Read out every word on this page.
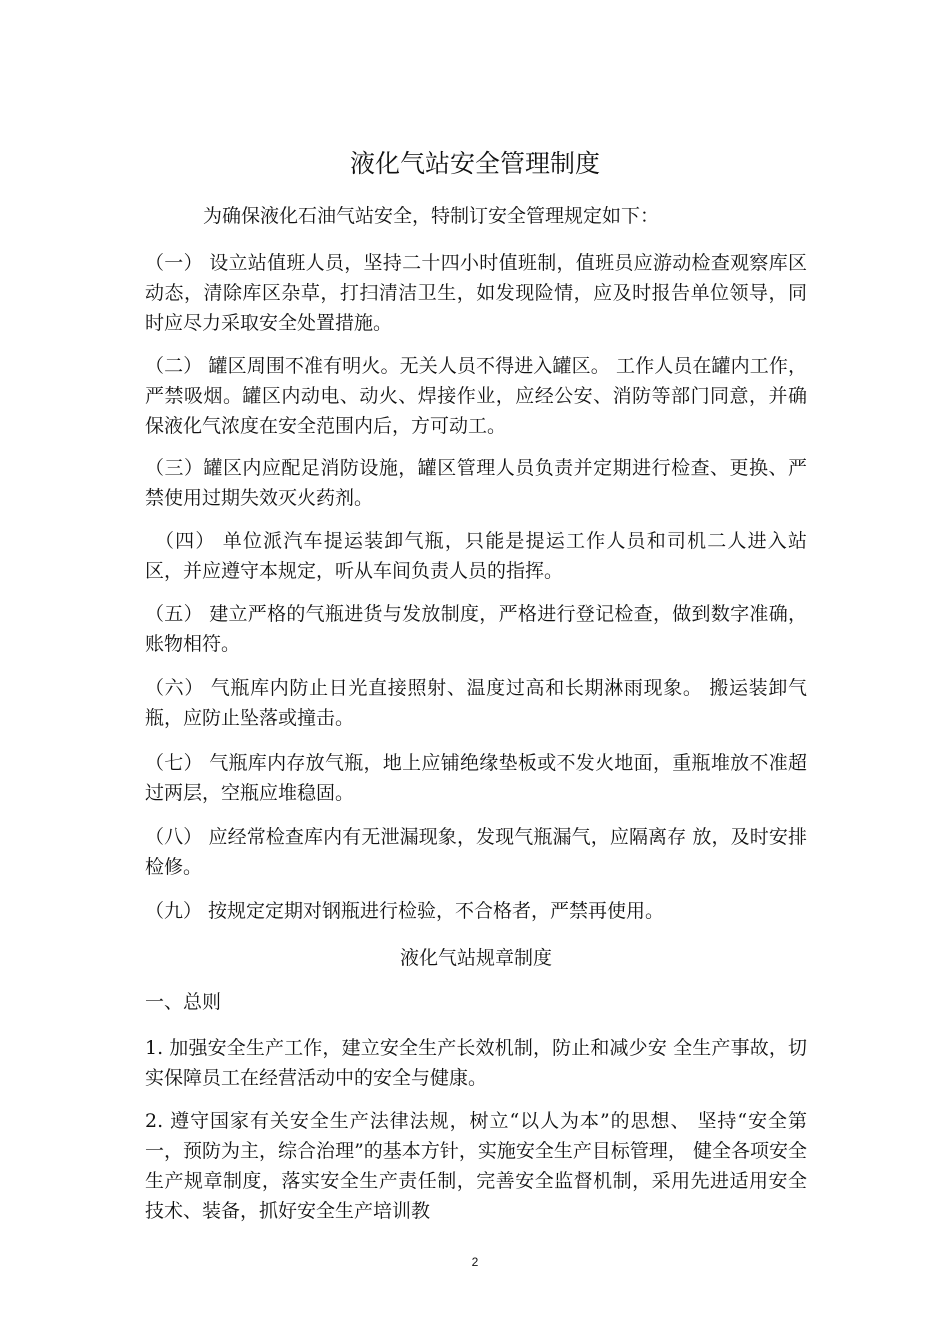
液化气站安全管理制度
为确保液化石油气站安全，特制订安全管理规定如下：
（一） 设立站值班人员，坚持二十四小时值班制，值班员应游动检查观察库区动态，清除库区杂草，打扫清洁卫生，如发现险情，应及时报告单位领导，同时应尽力采取安全处置措施。
（二） 罐区周围不准有明火。无关人员不得进入罐区。 工作人员在罐内工作，严禁吸烟。罐区内动电、动火、焊接作业，应经公安、消防等部门同意，并确保液化气浓度在安全范围内后，方可动工。
（三）罐区内应配足消防设施，罐区管理人员负责并定期进行检查、更换、严禁使用过期失效灭火药剂。
（四） 单位派汽车提运装卸气瓶，只能是提运工作人员和司机二人进入站区，并应遵守本规定，听从车间负责人员的指挥。
（五） 建立严格的气瓶进货与发放制度，严格进行登记检查，做到数字准确，账物相符。
（六） 气瓶库内防止日光直接照射、温度过高和长期淋雨现象。 搬运装卸气瓶，应防止坠落或撞击。
（七） 气瓶库内存放气瓶，地上应铺绝缘垫板或不发火地面，重瓶堆放不准超过两层，空瓶应堆稳固。
（八） 应经常检查库内有无泄漏现象，发现气瓶漏气，应隔离存 放，及时安排检修。
（九） 按规定定期对钢瓶进行检验，不合格者，严禁再使用。
液化气站规章制度
一、总则
1. 加强安全生产工作，建立安全生产长效机制，防止和减少安 全生产事故，切实保障员工在经营活动中的安全与健康。
2. 遵守国家有关安全生产法律法规，树立“以人为本”的思想、 坚持“安全第一，预防为主，综合治理”的基本方针，实施安全生产目标管理， 健全各项安全生产规章制度，落实安全生产责任制，完善安全监督机制，采用先进适用安全技术、装备，抓好安全生产培训教
2
